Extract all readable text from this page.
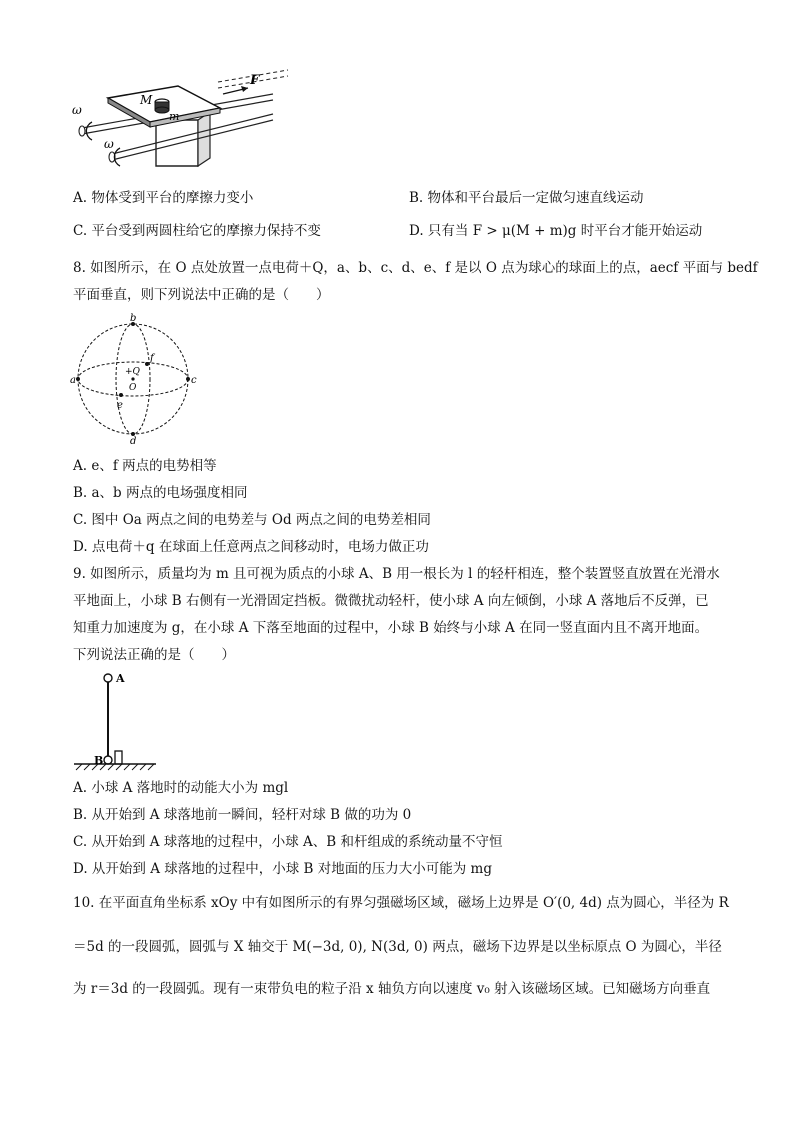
M
m
F
ω
ω
A. 物体受到平台的摩擦力变小	B. 物体和平台最后一定做匀速直线运动
C. 平台受到两圆柱给它的摩擦力保持不变	D. 只有当 F > μ(M + m)g 时平台才能开始运动
8. 如图所示，在 O 点处放置一点电荷＋Q，a、b、c、d、e、f 是以 O 点为球心的球面上的点，aecf 平面与 bedf
平面垂直，则下列说法中正确的是（　　）
a	c
b
d
e
f
+Q
O
A. e、f 两点的电势相等
B. a、b 两点的电场强度相同
C. 图中 Oa 两点之间的电势差与 Od 两点之间的电势差相同
D. 点电荷＋q 在球面上任意两点之间移动时，电场力做正功
9. 如图所示，质量均为 m 且可视为质点的小球 A、B 用一根长为 l 的轻杆相连，整个装置竖直放置在光滑水
平地面上，小球 B 右侧有一光滑固定挡板。微微扰动轻杆，使小球 A 向左倾倒，小球 A 落地后不反弹，已
知重力加速度为 g，在小球 A 下落至地面的过程中，小球 B 始终与小球 A 在同一竖直面内且不离开地面。
下列说法正确的是（　　）
A
B
A. 小球 A 落地时的动能大小为 mgl
B. 从开始到 A 球落地前一瞬间，轻杆对球 B 做的功为 0
C. 从开始到 A 球落地的过程中，小球 A、B 和杆组成的系统动量不守恒
D. 从开始到 A 球落地的过程中，小球 B 对地面的压力大小可能为 mg
10. 在平面直角坐标系 xOy 中有如图所示的有界匀强磁场区域，磁场上边界是 O′(0, 4d) 点为圆心，半径为 R
＝5d 的一段圆弧，圆弧与 X 轴交于 M(−3d, 0), N(3d, 0) 两点，磁场下边界是以坐标原点 O 为圆心，半径
为 r＝3d 的一段圆弧。现有一束带负电的粒子沿 x 轴负方向以速度 v₀ 射入该磁场区域。已知磁场方向垂直
